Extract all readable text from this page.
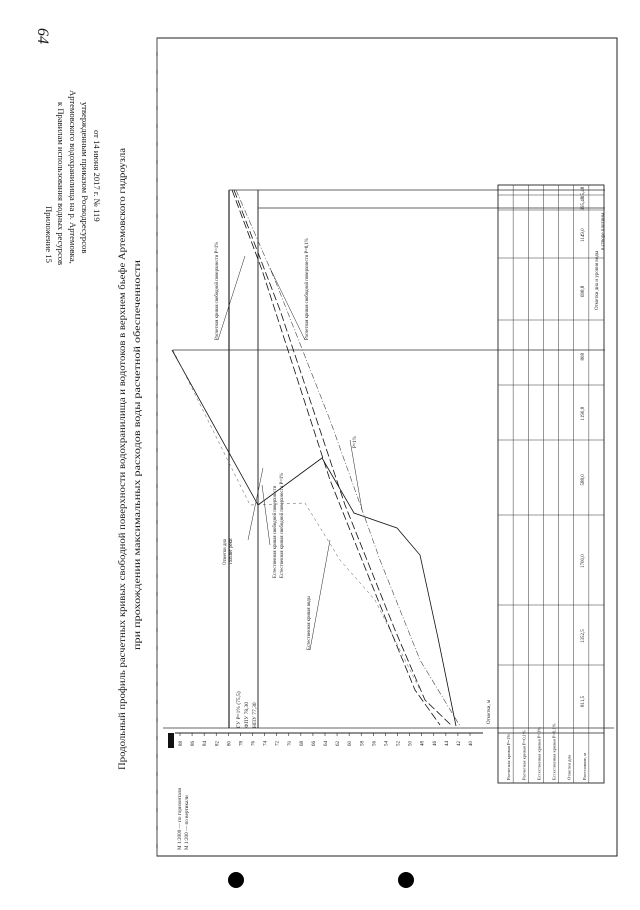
64
Приложение 15 к Правилам использования водных ресурсов Артемовского водохранилища на р. Артемовка, утвержденным приказом Росводресурсов от 14 июня 2017 г. № 119
Продольный профиль расчетных кривых свободной поверхности водохранилища и водотоков в верхнем бьефе Артемовского гидроузла при прохождении максимальных расходов воды расчетной обеспеченности
88 86 84 82 80 78 76 74 72 70 68 66 64 62 60 58 56 54 52 50 48 46 44 42 40
Отметки, м
М 1:2000 — по горизонтали М 1:200 — по вертикали
ГУ Р=1% (75,5) ФПУ 78,30 НПУ 77,30
Расчетная кривая свободной поверхности Р=1%	Расчетная кривая свободной поверхности Р=0,1%
Отметки дна Тальвег реки	Естественная кривая свободной поверхности Естественная кривая свободной поверхности Р=1%
Естественная кривая воды
Р=1%
Расчетная кривая Р=1% Расчетная кривая Р=0,1% Естественная кривая Р=1% Естественная кривая Р=0,1% Отметки дна Расстояние, м
811,5
1352,5
1700,0
588,0
1190,8
808
698,8
1149,0
395,48
15,48
Отметки дна и уровня воды
в створе плотины
